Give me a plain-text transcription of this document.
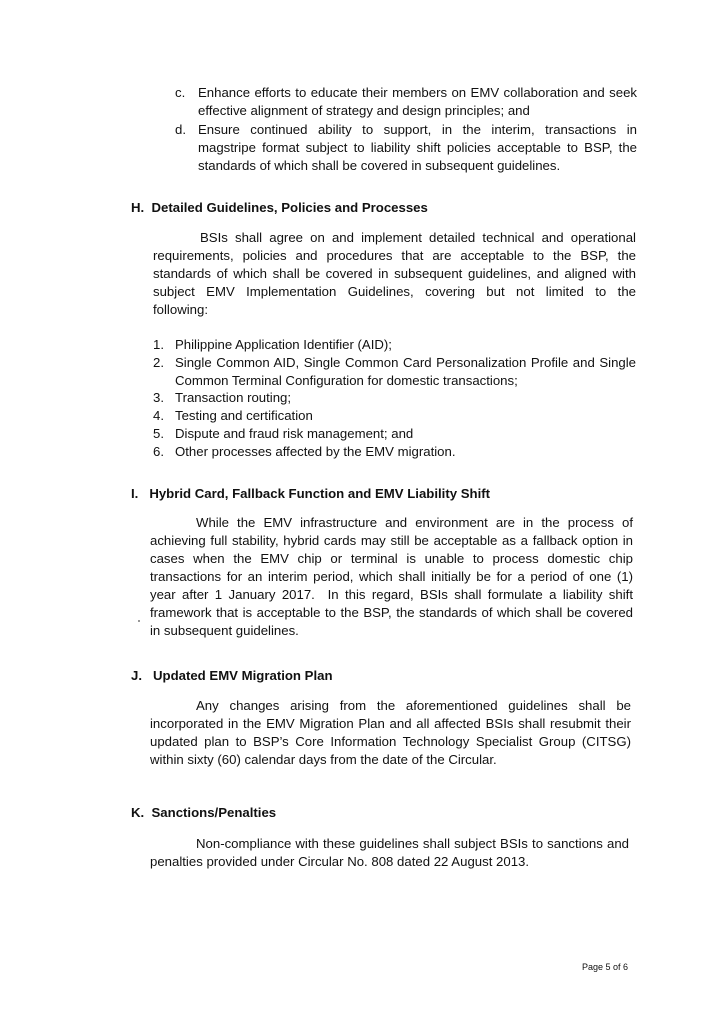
c. Enhance efforts to educate their members on EMV collaboration and seek
effective alignment of strategy and design principles; and
d. Ensure continued ability to support, in the interim, transactions in
magstripe format subject to liability shift policies acceptable to BSP, the
standards of which shall be covered in subsequent guidelines.
H.  Detailed Guidelines, Policies and Processes
BSIs shall agree on and implement detailed technical and operational
requirements, policies and procedures that are acceptable to the BSP, the
standards of which shall be covered in subsequent guidelines, and aligned with
subject EMV Implementation Guidelines, covering but not limited to the
following:
1. Philippine Application Identifier (AID);
2. Single Common AID, Single Common Card Personalization Profile and Single
Common Terminal Configuration for domestic transactions;
3. Transaction routing;
4. Testing and certification
5. Dispute and fraud risk management; and
6. Other processes affected by the EMV migration.
I.   Hybrid Card, Fallback Function and EMV Liability Shift
While the EMV infrastructure and environment are in the process of
achieving full stability, hybrid cards may still be acceptable as a fallback option in
cases when the EMV chip or terminal is unable to process domestic chip
transactions for an interim period, which shall initially be for a period of one (1)
year after 1 January 2017.  In this regard, BSIs shall formulate a liability shift
framework that is acceptable to the BSP, the standards of which shall be covered
in subsequent guidelines.
J.   Updated EMV Migration Plan
Any changes arising from the aforementioned guidelines shall be
incorporated in the EMV Migration Plan and all affected BSIs shall resubmit their
updated plan to BSP’s Core Information Technology Specialist Group (CITSG)
within sixty (60) calendar days from the date of the Circular.
K.  Sanctions/Penalties
Non-compliance with these guidelines shall subject BSIs to sanctions and
penalties provided under Circular No. 808 dated 22 August 2013.
Page 5 of 6
